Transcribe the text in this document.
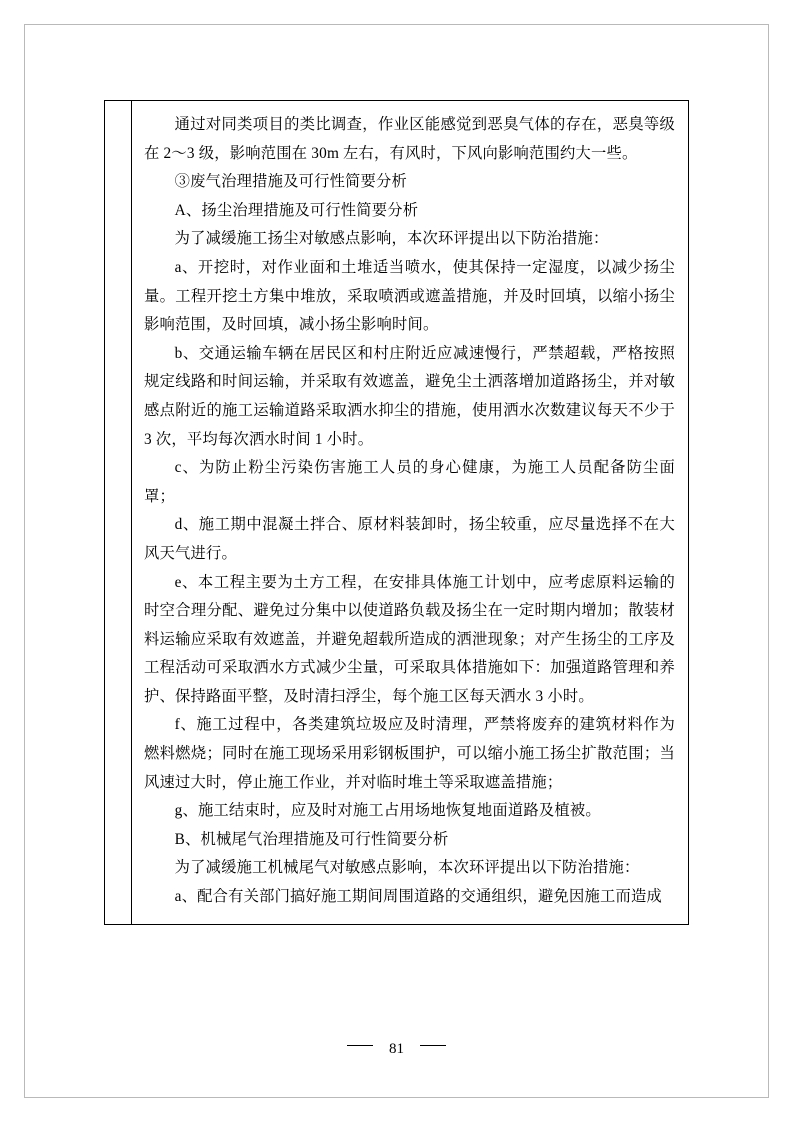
通过对同类项目的类比调查，作业区能感觉到恶臭气体的存在，恶臭等级在 2～3 级，影响范围在 30m 左右，有风时，下风向影响范围约大一些。

③废气治理措施及可行性简要分析

A、扬尘治理措施及可行性简要分析

为了减缓施工扬尘对敏感点影响，本次环评提出以下防治措施：

a、开挖时，对作业面和土堆适当喷水，使其保持一定湿度，以减少扬尘量。工程开挖土方集中堆放，采取喷洒或遮盖措施，并及时回填，以缩小扬尘影响范围，及时回填，减小扬尘影响时间。

b、交通运输车辆在居民区和村庄附近应减速慢行，严禁超载，严格按照规定线路和时间运输，并采取有效遮盖，避免尘土洒落增加道路扬尘，并对敏感点附近的施工运输道路采取洒水抑尘的措施，使用洒水次数建议每天不少于 3 次，平均每次洒水时间 1 小时。

c、为防止粉尘污染伤害施工人员的身心健康，为施工人员配备防尘面罩；

d、施工期中混凝土拌合、原材料装卸时，扬尘较重，应尽量选择不在大风天气进行。

e、本工程主要为土方工程，在安排具体施工计划中，应考虑原料运输的时空合理分配、避免过分集中以使道路负载及扬尘在一定时期内增加；散装材料运输应采取有效遮盖，并避免超载所造成的洒泄现象；对产生扬尘的工序及工程活动可采取洒水方式减少尘量，可采取具体措施如下：加强道路管理和养护、保持路面平整，及时清扫浮尘，每个施工区每天洒水 3 小时。

f、施工过程中，各类建筑垃圾应及时清理，严禁将废弃的建筑材料作为燃料燃烧；同时在施工现场采用彩钢板围护，可以缩小施工扬尘扩散范围；当风速过大时，停止施工作业，并对临时堆土等采取遮盖措施；

g、施工结束时，应及时对施工占用场地恢复地面道路及植被。

B、机械尾气治理措施及可行性简要分析

为了减缓施工机械尾气对敏感点影响，本次环评提出以下防治措施：

a、配合有关部门搞好施工期间周围道路的交通组织，避免因施工而造成

81
